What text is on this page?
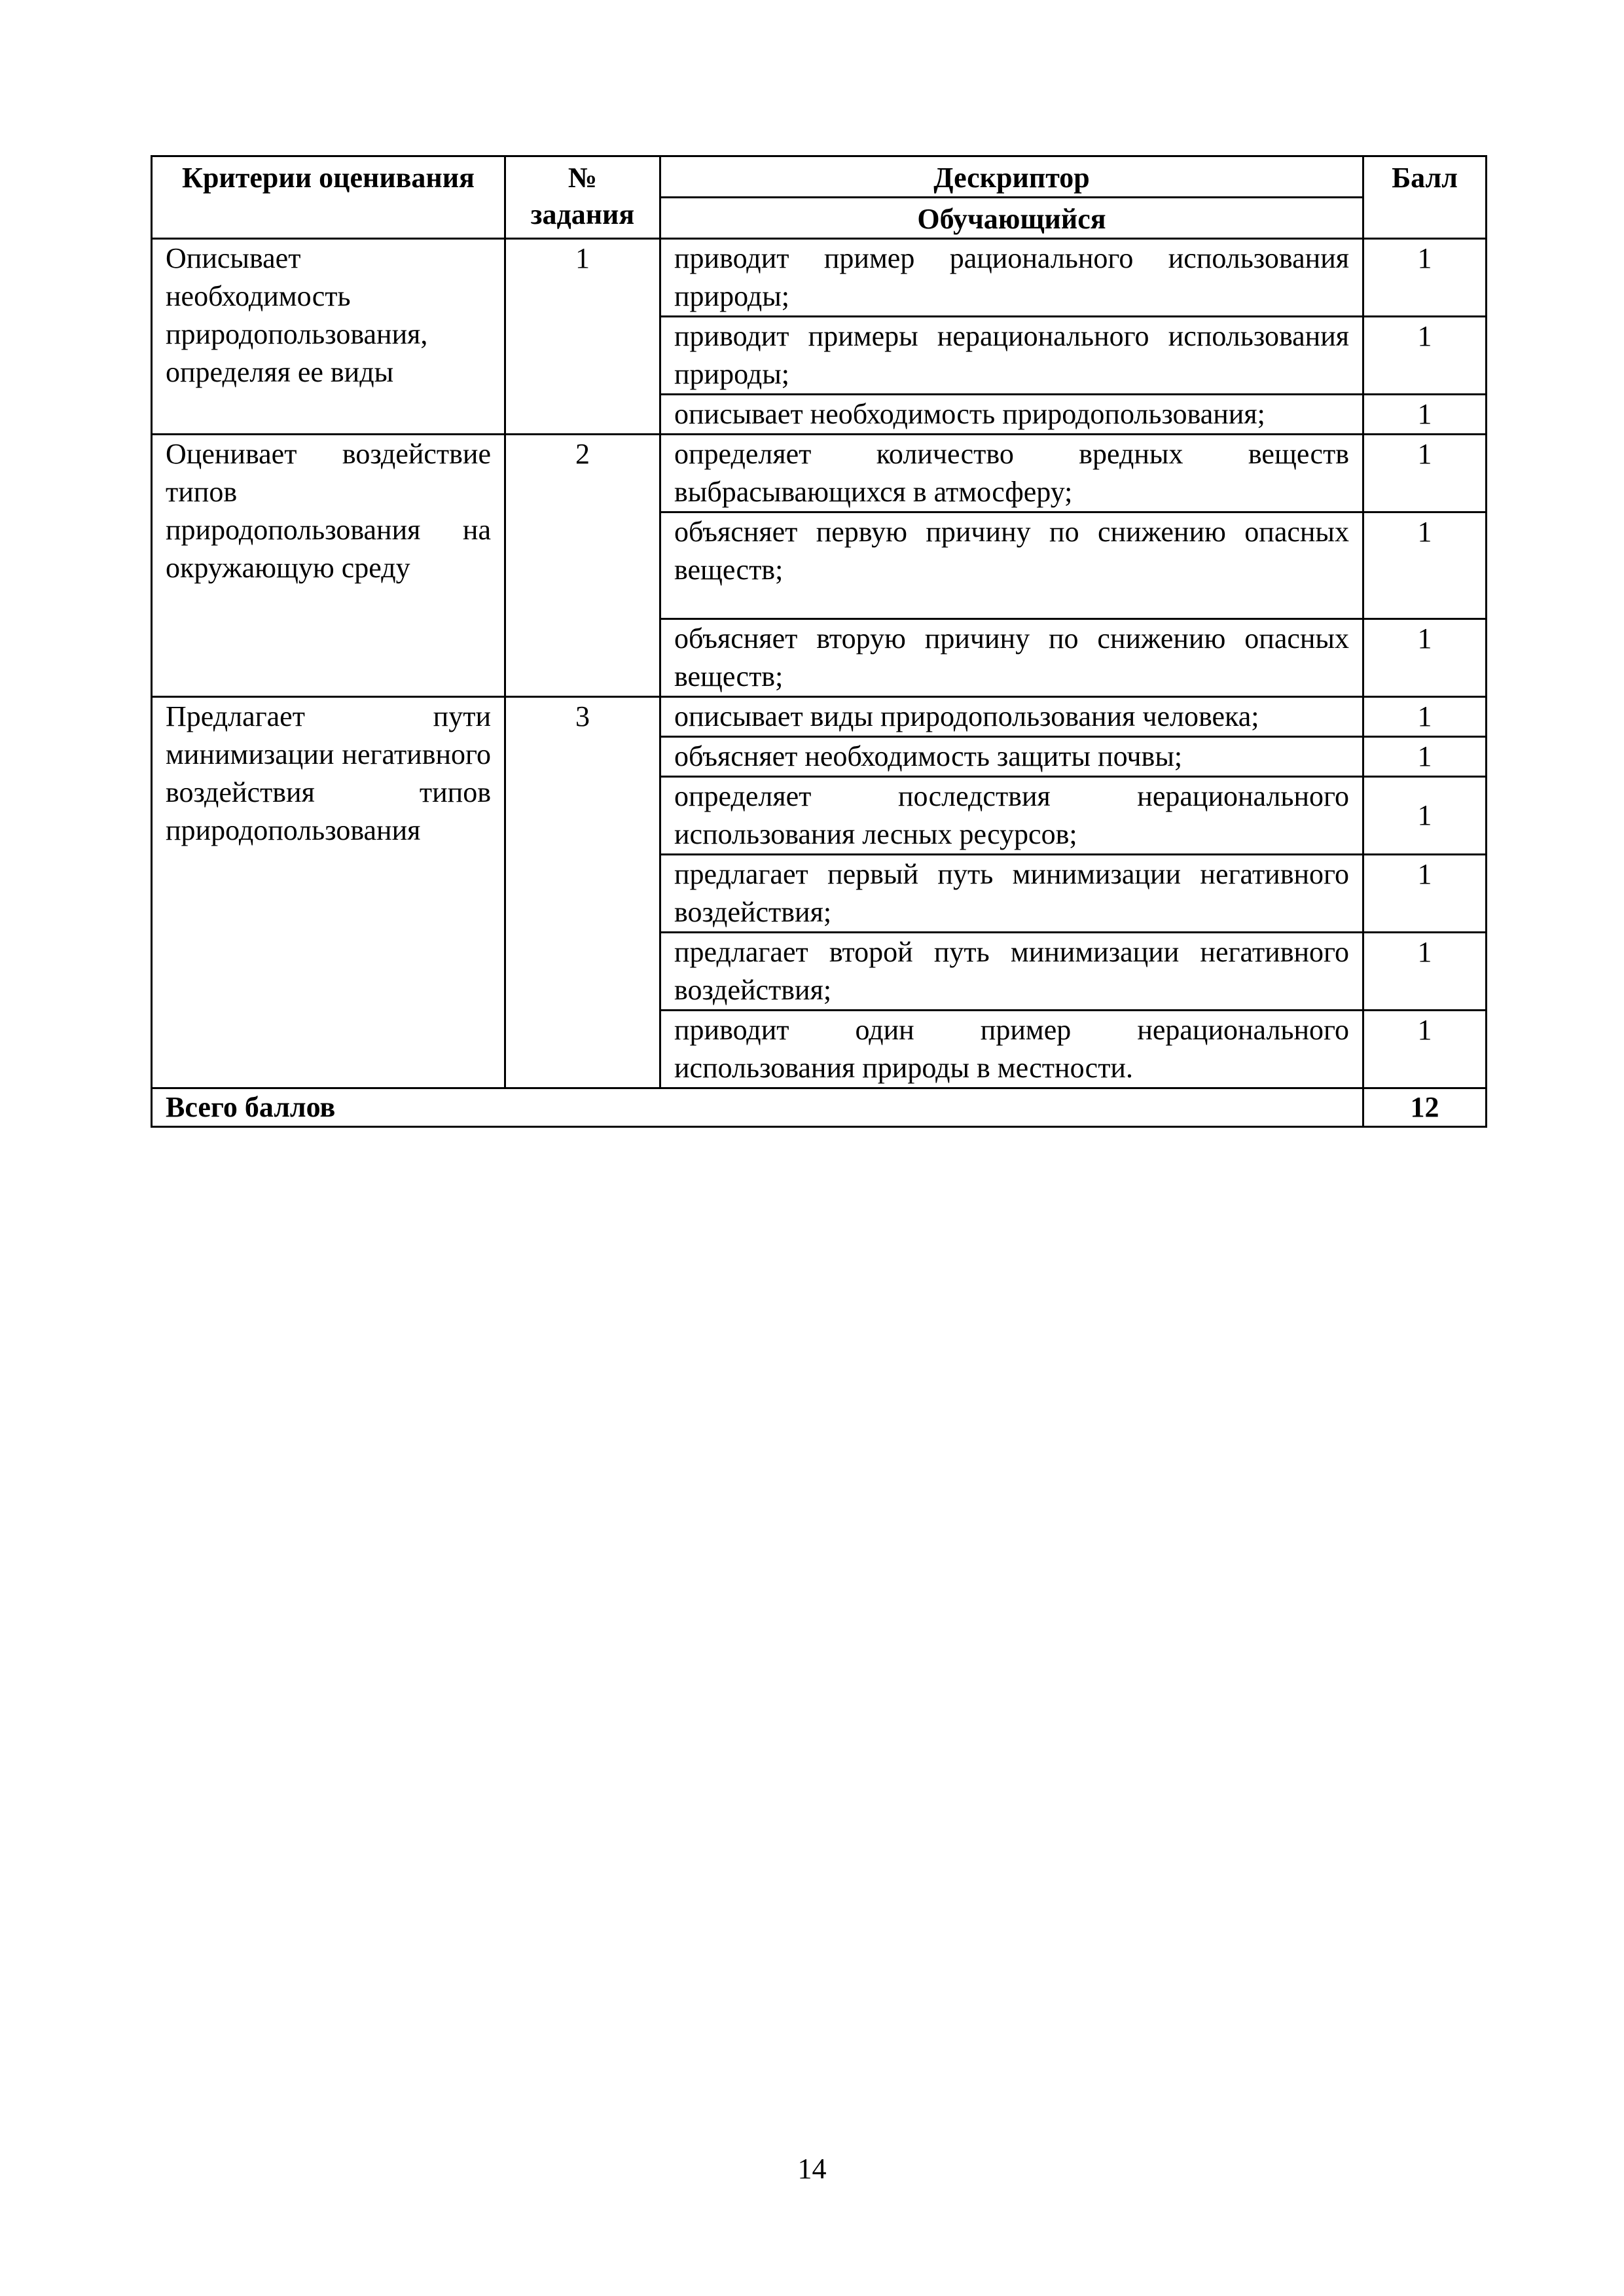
Критерии оценивания	№ задания	Дескриптор	Балл
		Обучающийся	
Описывает необходимость природопользования, определяя ее виды	1	приводит пример рационального использования природы;	1
		приводит примеры нерационального использования природы;	1
		описывает необходимость природопользования;	1
Оценивает воздействие типов природопользования на окружающую среду	2	определяет количество вредных веществ выбрасывающихся в атмосферу;	1
		объясняет первую причину по снижению опасных веществ;	1
		объясняет вторую причину по снижению опасных веществ;	1
Предлагает пути минимизации негативного воздействия типов природопользования	3	описывает виды природопользования человека;	1
		объясняет необходимость защиты почвы;	1
		определяет последствия нерационального использования лесных ресурсов;	1
		предлагает первый путь минимизации негативного воздействия;	1
		предлагает второй путь минимизации негативного воздействия;	1
		приводит один пример нерационального использования природы в местности.	1
Всего баллов			12
14
